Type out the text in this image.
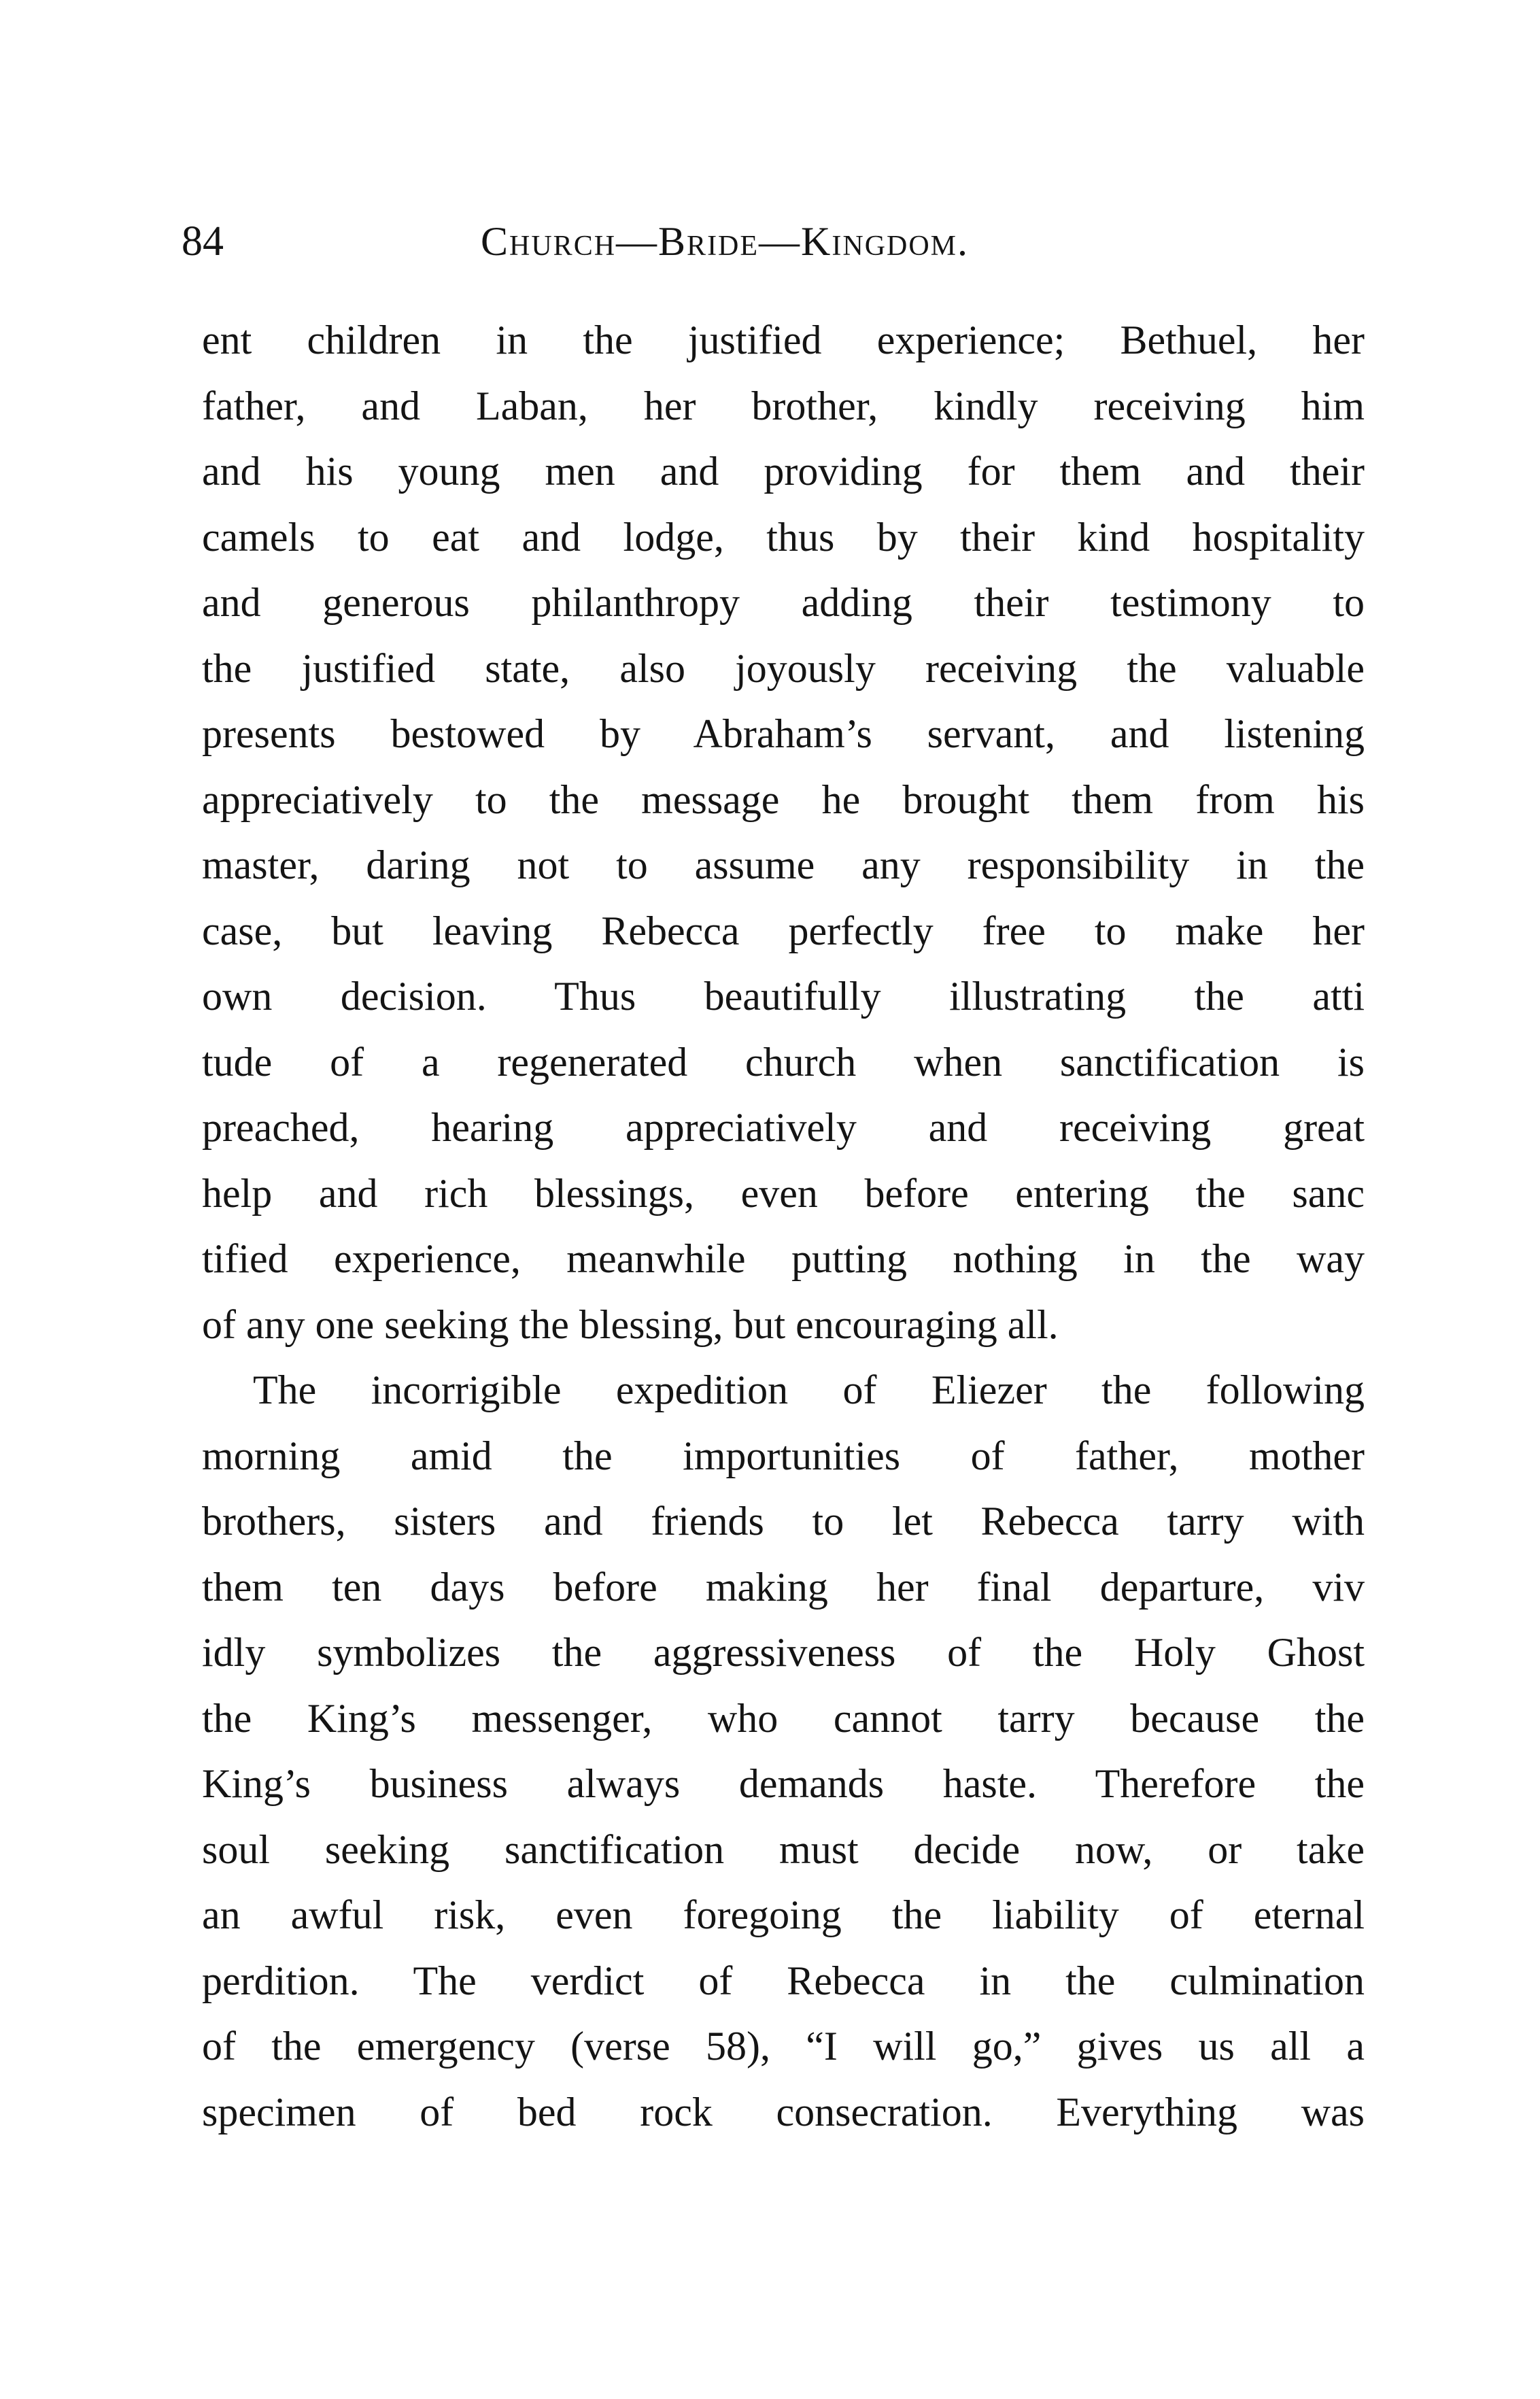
84	Church—Bride—Kingdom.
ent children in the justified experience; Bethuel, her
father, and Laban, her brother, kindly receiving him
and his young men and providing for them and their
camels to eat and lodge, thus by their kind hospitality
and generous philanthropy adding their testimony to
the justified state, also joyously receiving the valuable
presents bestowed by Abraham’s servant, and listening
appreciatively to the message he brought them from his
master, daring not to assume any responsibility in the
case, but leaving Rebecca perfectly free to make her
own decision. Thus beautifully illustrating the atti
tude of a regenerated church when sanctification is
preached, hearing appreciatively and receiving great
help and rich blessings, even before entering the sanc
tified experience, meanwhile putting nothing in the way
of any one seeking the blessing, but encouraging all.
The incorrigible expedition of Eliezer the following
morning amid the importunities of father, mother
brothers, sisters and friends to let Rebecca tarry with
them ten days before making her final departure, viv
idly symbolizes the aggressiveness of the Holy Ghost
the King’s messenger, who cannot tarry because the
King’s business always demands haste. Therefore the
soul seeking sanctification must decide now, or take
an awful risk, even foregoing the liability of eternal
perdition. The verdict of Rebecca in the culmination
of the emergency (verse 58), “I will go,” gives us all a
specimen of bed rock consecration. Everything was
